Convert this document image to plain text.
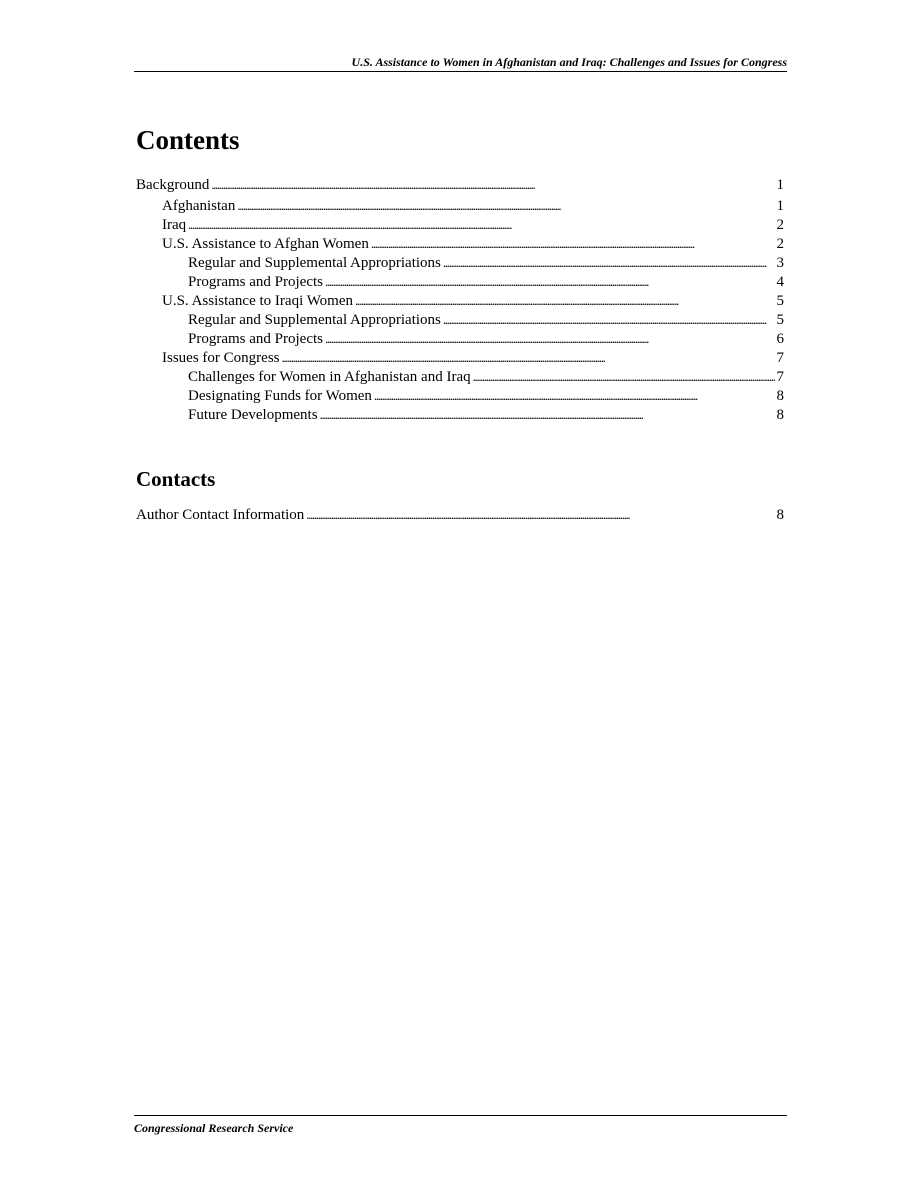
U.S. Assistance to Women in Afghanistan and Iraq: Challenges and Issues for Congress
Contents
Background . . .	1
Afghanistan . . .	1
Iraq . . .	2
U.S. Assistance to Afghan Women . . .	2
Regular and Supplemental Appropriations . . .	3
Programs and Projects . . .	4
U.S. Assistance to Iraqi Women . . .	5
Regular and Supplemental Appropriations . . .	5
Programs and Projects . . .	6
Issues for Congress . . .	7
Challenges for Women in Afghanistan and Iraq . . .	7
Designating Funds for Women . . .	8
Future Developments . . .	8
Contacts
Author Contact Information . . .	8
Congressional Research Service
